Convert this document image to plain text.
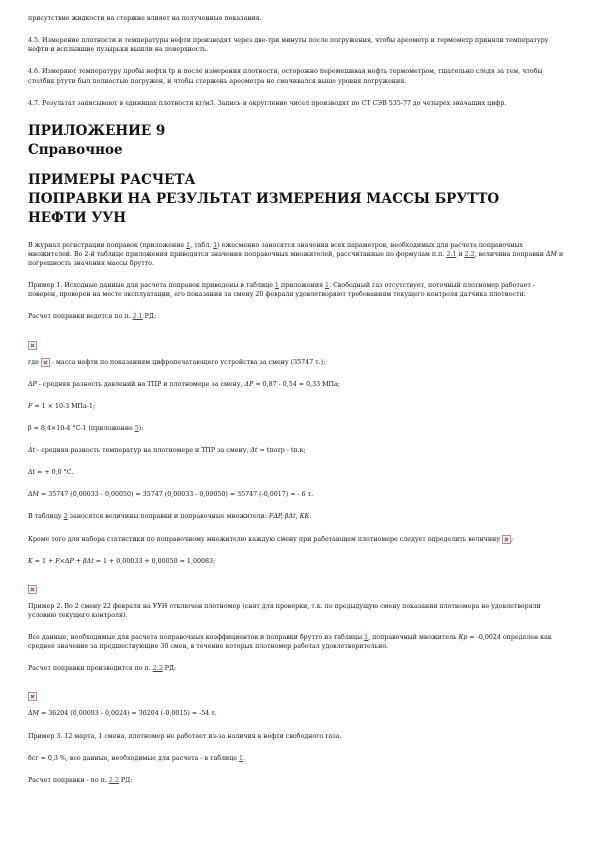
присутствие жидкости на стержне влияет на полученные показания.

4.5. Измерение плотности и температуры нефти производят через две-три минуты после погружения, чтобы ареометр и термометр приняли температуру нефти и всплывшие пузырьки вышли на поверхность.

4.6. Измеряют температуру пробы нефти tр и после измерения плотности, осторожно перемешивая нефть термометром, тщательно следя за тем, чтобы столбик ртути был полностью погружен, и чтобы стержень ареометра не смачивался выше уровня погружения.

4.7. Результат записывают в единицах плотности кг/м3. Запись и округление чисел производят по СТ СЭВ 535-77 до четырех значащих цифр.

ПРИЛОЖЕНИЕ 9
Справочное
ПРИМЕРЫ РАСЧЕТА
ПОПРАВКИ НА РЕЗУЛЬТАТ ИЗМЕРЕНИЯ МАССЫ БРУТТО
НЕФТИ УУН

В журнал регистрации поправок (приложение 1, табл. 1) ежесменно заносятся значения всех параметров, необходимых для расчета поправочных множителей. Во 2-й таблице приложения приводятся значения поправочных множителей, рассчитанные по формулам п.п. 2.1 и 2.2, величина поправки ΔМ и погрешность значения массы брутто.

Пример 1. Исходные данные для расчета поправок приведены в таблице 1 приложения 1. Свободный газ отсутствует, поточный плотномер работает - поверен, проверен на месте эксплуатации, его показания за смену 20 февраля удовлетворяют требованиям текущего контроля датчика плотности.

Расчет поправки ведется по п. 2.1 РД:

где  - масса нефти по показаниям цифропечатающего устройства за смену (35747 т.);

ΔР - средняя разность давлений на ТПР и плотномере за смену, ΔР = 0,87 - 0,54 = 0,33 МПа;

F = 1 × 10-3 МПа-1;

β = 8,4×10-4 °C-1 (приложение 5);

Δt - средняя разность температур на плотномере и ТПР за смену, Δt = tпотр - tп.к;

Δt = + 0,0 °C.

ΔМ = 35747 (0,00033 - 0,00050) = 35747 (0,00033 - 0,00050) = 35747 (-0,0017) = - 6 т.

В таблицу 2 заносятся величины поправки и поправочные множители: FΔP, βΔt, КК.

Кроме того для набора статистики по поправочному множителю каждую смену при работающем плотномере следует определить величину ;

K = 1 + F×ΔP + βΔt = 1 + 0,00033 + 0,00050 = 1,00083;

Пример 2. Во 2 смену 22 февраля на УУН отключен плотномер (снят для проверки, т.к. по предыдущую смену показания плотномера не удовлетворяли условию текущего контроля).

Все данные, необходимые для расчета поправочных коэффициентов и поправки брутто из таблицы 1, поправочный множитель Кр = -0,0024 определен как среднее значение за предшествующие 30 смен, в течение которых плотномер работал удовлетворительно.

Расчет поправки производится по п. 2.2 РД:

ΔМ = 36204 (0,00093 - 0,0024) = 36204 (-0,0015) = -54 т.

Пример 3. 12 марта, 1 смена, плотномер не работает из-за наличия в нефти свободного газа.

δсг = 0,3 %, все данные, необходимые для расчета - в таблице 1.

Расчет поправки - по п. 2.2 РД:
